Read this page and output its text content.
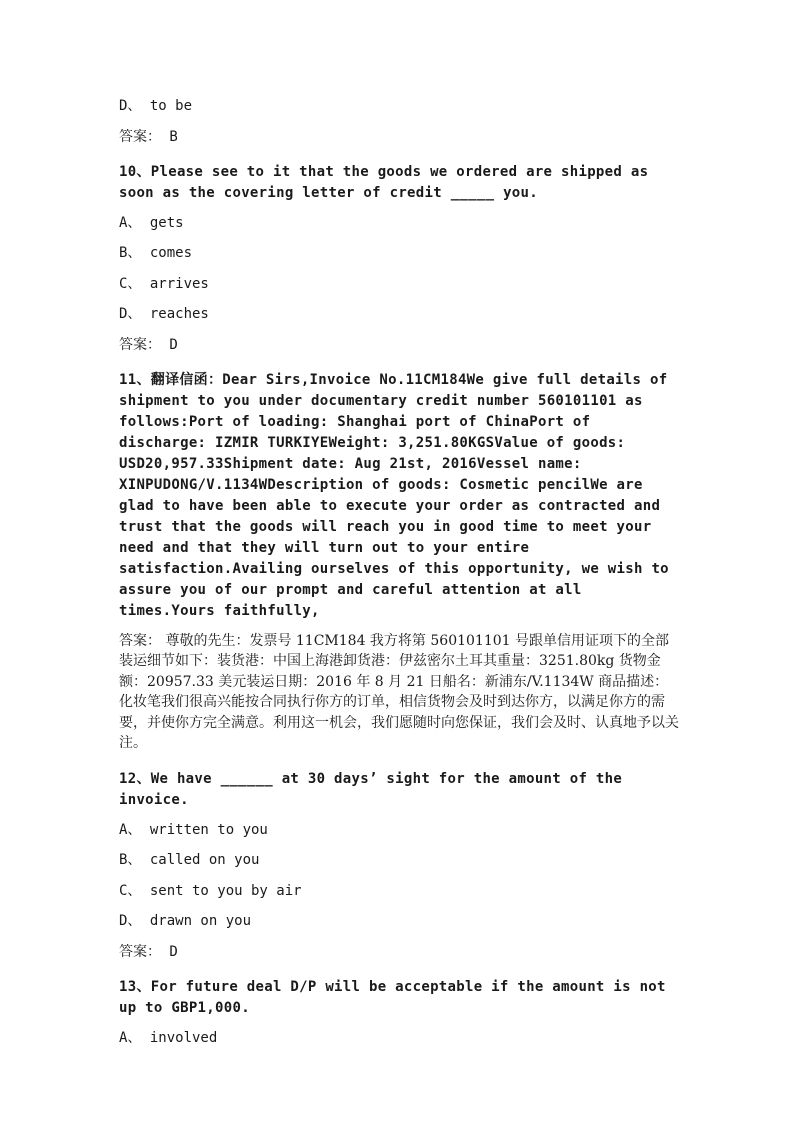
D、 to be

答案： B

10、Please see to it that the goods we ordered are shipped as soon as the covering letter of credit _____ you.

A、 gets

B、 comes

C、 arrives

D、 reaches

答案： D

11、翻译信函：Dear Sirs,Invoice No.11CM184We give full details of shipment to you under documentary credit number 560101101 as follows:Port of loading: Shanghai port of ChinaPort of discharge: IZMIR TURKIYEWeight: 3,251.80KGSValue of goods: USD20,957.33Shipment date: Aug 21st, 2016Vessel name: XINPUDONG/V.1134WDescription of goods: Cosmetic pencilWe are glad to have been able to execute your order as contracted and trust that the goods will reach you in good time to meet your need and that they will turn out to your entire satisfaction.Availing ourselves of this opportunity, we wish to assure you of our prompt and careful attention at all times.Yours faithfully,

答案： 尊敬的先生：发票号 11CM184 我方将第 560101101 号跟单信用证项下的全部装运细节如下：装货港：中国上海港卸货港：伊兹密尔土耳其重量：3251.80kg 货物金额：20957.33 美元装运日期：2016 年 8 月 21 日船名：新浦东/V.1134W 商品描述：化妆笔我们很高兴能按合同执行你方的订单，相信货物会及时到达你方，以满足你方的需要，并使你方完全满意。利用这一机会，我们愿随时向您保证，我们会及时、认真地予以关注。

12、We have ______ at 30 days’ sight for the amount of the invoice.

A、 written to you

B、 called on you

C、 sent to you by air

D、 drawn on you

答案： D

13、For future deal D/P will be acceptable if the amount is not up to GBP1,000.

A、 involved
